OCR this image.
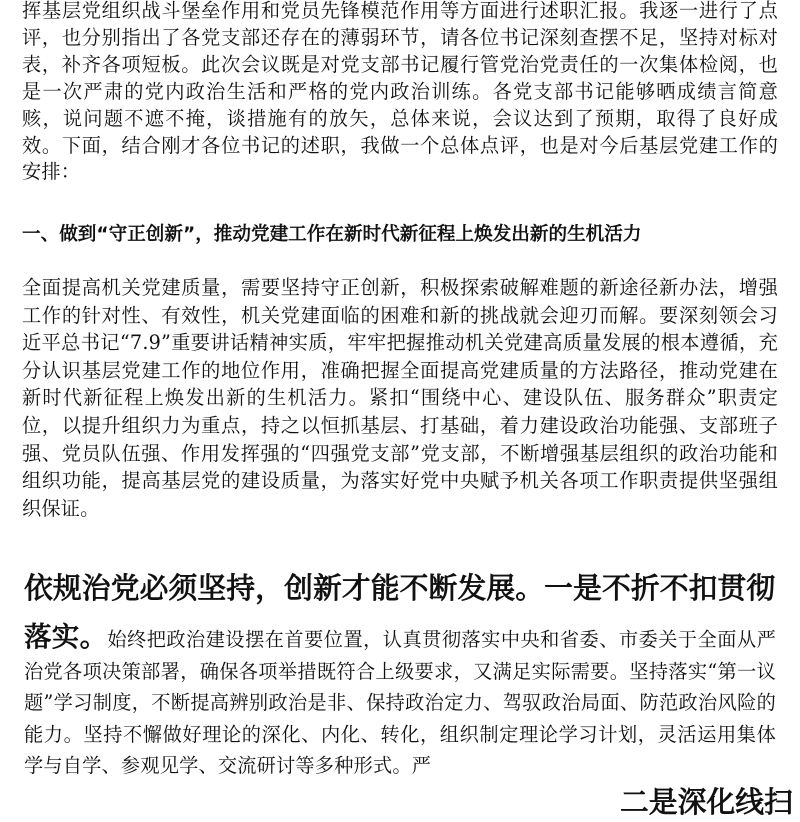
挥基层党组织战斗堡垒作用和党员先锋模范作用等方面进行述职汇报。我逐一进行了点评，也分别指出了各党支部还存在的薄弱环节，请各位书记深刻查摆不足，坚持对标对表，补齐各项短板。此次会议既是对党支部书记履行管党治党责任的一次集体检阅，也是一次严肃的党内政治生活和严格的党内政治训练。各党支部书记能够晒成绩言简意赅，说问题不遮不掩，谈措施有的放矢，总体来说，会议达到了预期，取得了良好成效。下面，结合刚才各位书记的述职，我做一个总体点评，也是对今后基层党建工作的安排：

一、做到“守正创新”，推动党建工作在新时代新征程上焕发出新的生机活力

全面提高机关党建质量，需要坚持守正创新，积极探索破解难题的新途径新办法，增强工作的针对性、有效性，机关党建面临的困难和新的挑战就会迎刃而解。要深刻领会习近平总书记“7.9”重要讲话精神实质，牢牢把握推动机关党建高质量发展的根本遵循，充分认识基层党建工作的地位作用，准确把握全面提高党建质量的方法路径，推动党建在新时代新征程上焕发出新的生机活力。紧扣“围绕中心、建设队伍、服务群众”职责定位，以提升组织力为重点，持之以恒抓基层、打基础，着力建设政治功能强、支部班子强、党员队伍强、作用发挥强的“四强党支部”党支部，不断增强基层组织的政治功能和组织功能，提高基层党的建设质量，为落实好党中央赋予机关各项工作职责提供坚强组织保证。

依规治党必须坚持，创新才能不断发展。一是不折不扣贯彻

落实。始终把政治建设摆在首要位置，认真贯彻落实中央和省委、市委关于全面从严治党各项决策部署，确保各项举措既符合上级要求，又满足实际需要。坚持落实“第一议题”学习制度，不断提高辨别政治是非、保持政治定力、驾驭政治局面、防范政治风险的能力。坚持不懈做好理论的深化、内化、转化，组织制定理论学习计划，灵活运用集体学与自学、参观见学、交流研讨等多种形式。严

二是深化线扫
